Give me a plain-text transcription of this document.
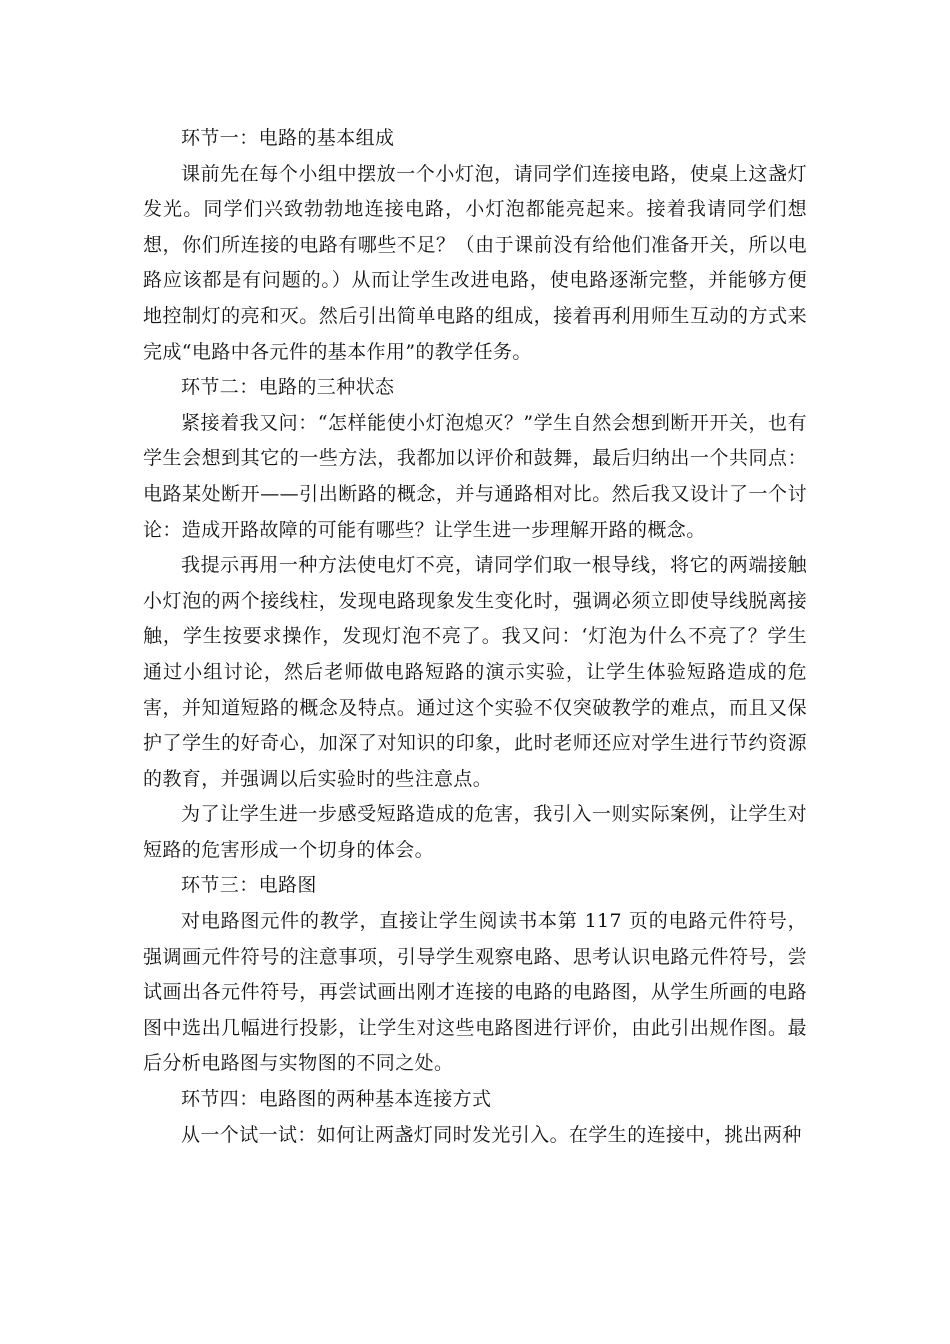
环节一：电路的基本组成

课前先在每个小组中摆放一个小灯泡，请同学们连接电路，使桌上这盏灯发光。同学们兴致勃勃地连接电路，小灯泡都能亮起来。接着我请同学们想想，你们所连接的电路有哪些不足？（由于课前没有给他们准备开关，所以电路应该都是有问题的。）从而让学生改进电路，使电路逐渐完整，并能够方便地控制灯的亮和灭。然后引出简单电路的组成，接着再利用师生互动的方式来完成“电路中各元件的基本作用”的教学任务。

环节二：电路的三种状态

紧接着我又问：“怎样能使小灯泡熄灭？”学生自然会想到断开开关，也有学生会想到其它的一些方法，我都加以评价和鼓舞，最后归纳出一个共同点：电路某处断开——引出断路的概念，并与通路相对比。然后我又设计了一个讨论：造成开路故障的可能有哪些？让学生进一步理解开路的概念。

我提示再用一种方法使电灯不亮，请同学们取一根导线，将它的两端接触小灯泡的两个接线柱，发现电路现象发生变化时，强调必须立即使导线脱离接触，学生按要求操作，发现灯泡不亮了。我又问：‘灯泡为什么不亮了？学生通过小组讨论，然后老师做电路短路的演示实验，让学生体验短路造成的危害，并知道短路的概念及特点。通过这个实验不仅突破教学的难点，而且又保护了学生的好奇心，加深了对知识的印象，此时老师还应对学生进行节约资源的教育，并强调以后实验时的些注意点。

为了让学生进一步感受短路造成的危害，我引入一则实际案例，让学生对短路的危害形成一个切身的体会。

环节三：电路图

对电路图元件的教学，直接让学生阅读书本第 117 页的电路元件符号，强调画元件符号的注意事项，引导学生观察电路、思考认识电路元件符号，尝试画出各元件符号，再尝试画出刚才连接的电路的电路图，从学生所画的电路图中选出几幅进行投影，让学生对这些电路图进行评价，由此引出规作图。最后分析电路图与实物图的不同之处。

环节四：电路图的两种基本连接方式

从一个试一试：如何让两盏灯同时发光引入。在学生的连接中，挑出两种
